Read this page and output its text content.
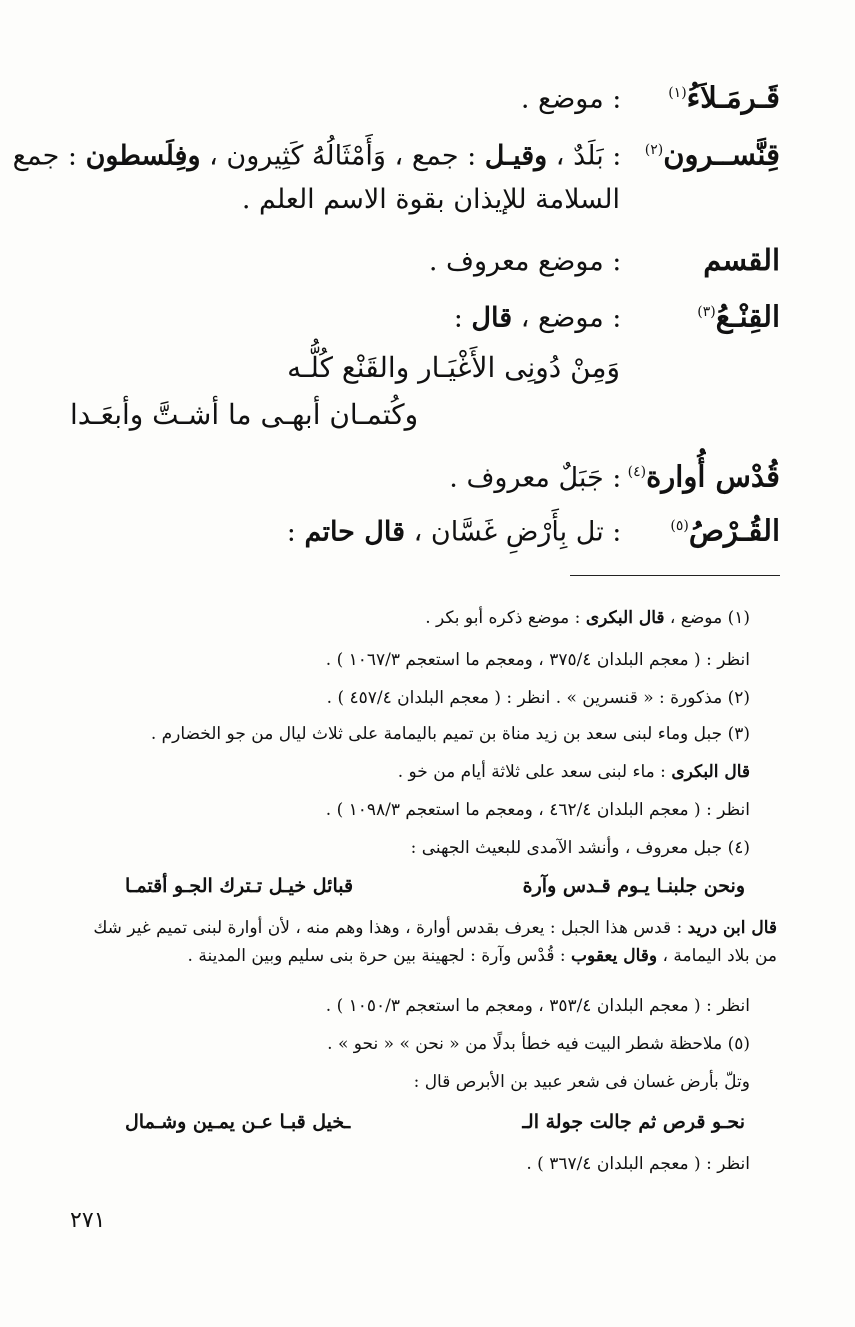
قَـرمَـلاَءُ$^{(١)}$ : موضع .
قِنَّســرون$^{(٢)}$ : بَلَدٌ ، وقيـل : جمع ، وَأَمْثَالُهُ كَثِيرون ، وفِلَسطون : جمع
السلامة للإيذان بقوة الاسم العلم .
القسم : موضع معروف .
القِنْـعُ$^{(٣)}$ : موضع ، قال :
وَمِنْ دُونِى الأَغْيَـار والقَنْع كُلُّـه
وكُتمـان أبهـى ما أشـتَّ وأبعَـدا
قُدْس أُوارة$^{(٤)}$ : جَبَلٌ معروف .
القُـرْصُ$^{(٥)}$ : تل بِأَرْضِ غَسَّان ، قال حاتم :
(١) موضع ، قال البكرى : موضع ذكره أبو بكر .
انظر : ( معجم البلدان ٣٧٥/٤ ، ومعجم ما استعجم ١٠٦٧/٣ ) .
(٢) مذكورة : « قنسرين » . انظر : ( معجم البلدان ٤٥٧/٤ ) .
(٣) جبل وماء لبنى سعد بن زيد مناة بن تميم باليمامة على ثلاث ليال من جو الخضارم .
قال البكرى : ماء لبنى سعد على ثلاثة أيام من خو .
انظر : ( معجم البلدان ٤٦٢/٤ ، ومعجم ما استعجم ١٠٩٨/٣ ) .
(٤) جبل معروف ، وأنشد الآمدى للبعيث الجهنى :
ونحن جلبنـا يـوم قـدس وآرة
قبائل خيـل تـترك الجـو أقتمـا
قال ابن دريد : قدس هذا الجبل : يعرف بقدس أوارة ، وهذا وهم منه ، لأن أوارة لبنى تميم غير شك من بلاد اليمامة ، وقال يعقوب : قُدْس وآرة : لجهينة بين حرة بنى سليم وبين المدينة .
انظر : ( معجم البلدان ٣٥٣/٤ ، ومعجم ما استعجم ١٠٥٠/٣ ) .
(٥) ملاحظة شطر البيت فيه خطأ بدلًا من « نحن » « نحو » .
وتلّ بأرض غسان فى شعر عبيد بن الأبرص قال :
نحـو قرص ثم جالت جولة الـ
ـخيل قبـا عـن يمـين وشـمال
انظر : ( معجم البلدان ٣٦٧/٤ ) .
٢٧١
